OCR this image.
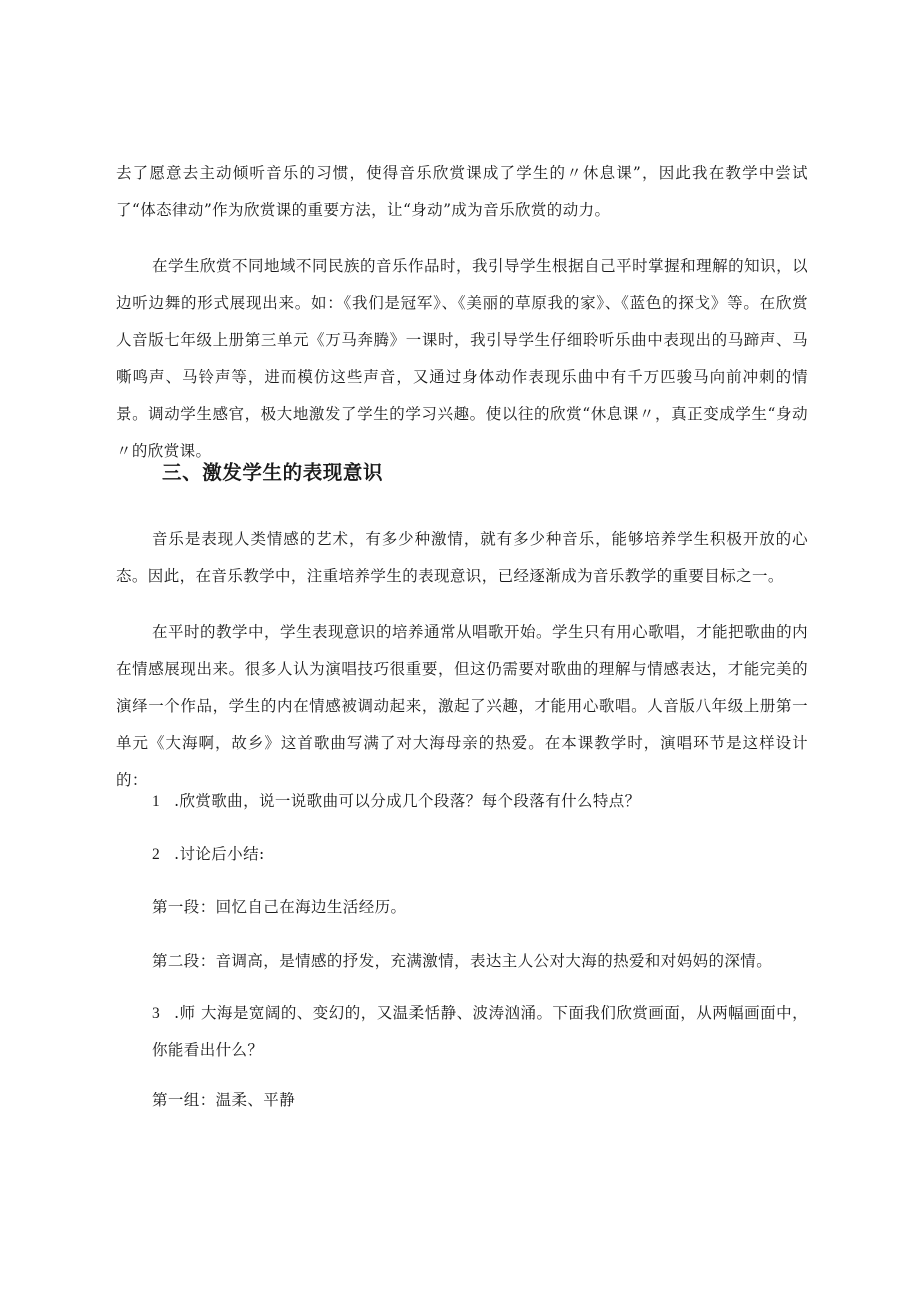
去了愿意去主动倾听音乐的习惯，使得音乐欣赏课成了学生的〃休息课”，因此我在教学中尝试了“体态律动”作为欣赏课的重要方法，让“身动”成为音乐欣赏的动力。

在学生欣赏不同地域不同民族的音乐作品时，我引导学生根据自己平时掌握和理解的知识，以边听边舞的形式展现出来。如：《我们是冠军》、《美丽的草原我的家》、《蓝色的探戈》等。在欣赏人音版七年级上册第三单元《万马奔腾》一课时，我引导学生仔细聆听乐曲中表现出的马蹄声、马嘶鸣声、马铃声等，进而模仿这些声音，又通过身体动作表现乐曲中有千万匹骏马向前冲刺的情景。调动学生感官，极大地激发了学生的学习兴趣。使以往的欣赏“休息课〃，真正变成学生“身动〃的欣赏课。

三、激发学生的表现意识

音乐是表现人类情感的艺术，有多少种激情，就有多少种音乐，能够培养学生积极开放的心态。因此，在音乐教学中，注重培养学生的表现意识，已经逐渐成为音乐教学的重要目标之一。

在平时的教学中，学生表现意识的培养通常从唱歌开始。学生只有用心歌唱，才能把歌曲的内在情感展现出来。很多人认为演唱技巧很重要，但这仍需要对歌曲的理解与情感表达，才能完美的演绎一个作品，学生的内在情感被调动起来，激起了兴趣，才能用心歌唱。人音版八年级上册第一单元《大海啊，故乡》这首歌曲写满了对大海母亲的热爱。在本课教学时，演唱环节是这样设计的：

1 .欣赏歌曲，说一说歌曲可以分成几个段落？每个段落有什么特点？

2 .讨论后小结:

第一段：回忆自己在海边生活经历。

第二段：音调高，是情感的抒发，充满激情，表达主人公对大海的热爱和对妈妈的深情。

3 .师 大海是宽阔的、变幻的，又温柔恬静、波涛汹涌。下面我们欣赏画面，从两幅画面中，你能看出什么？

第一组：温柔、平静
